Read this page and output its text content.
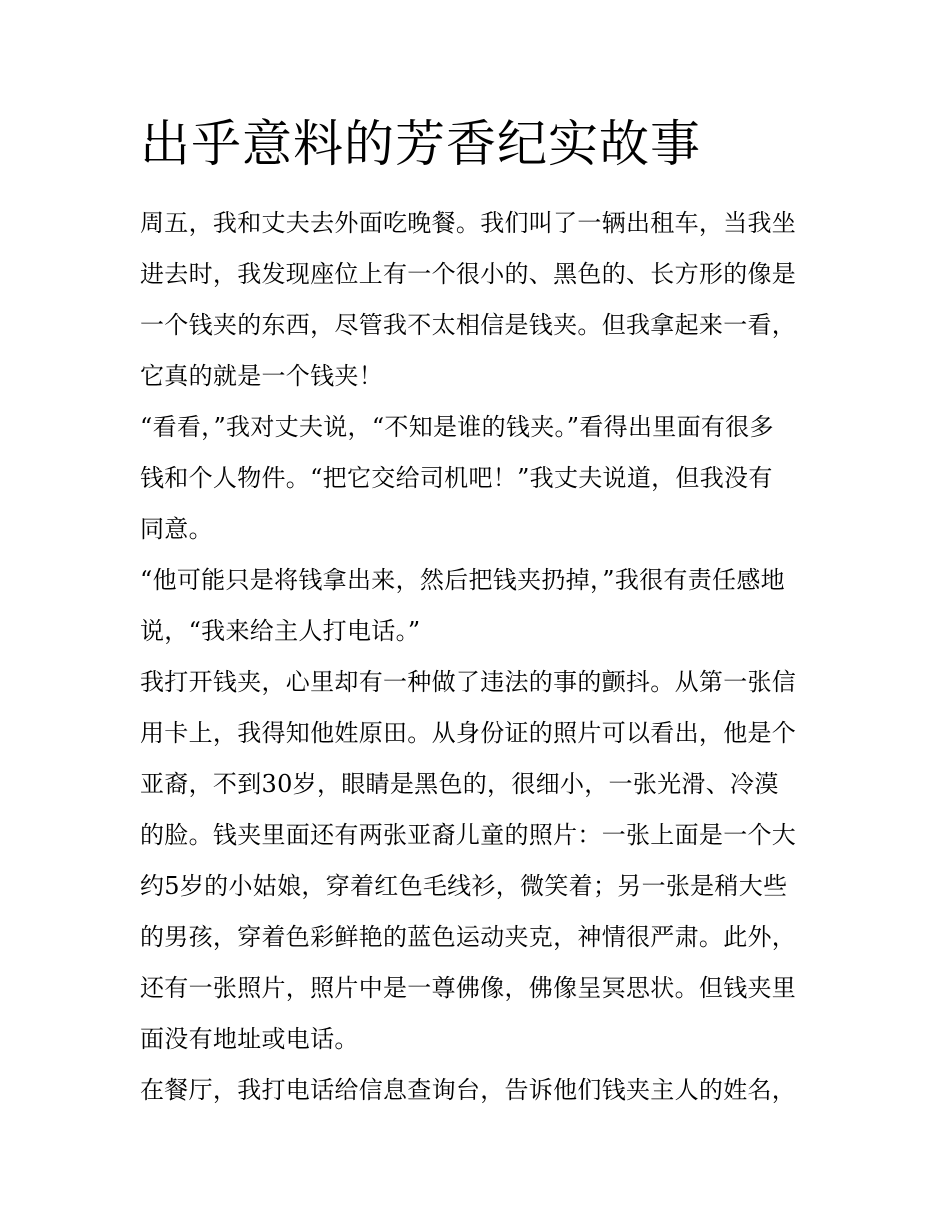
出乎意料的芳香纪实故事

周五，我和丈夫去外面吃晚餐。我们叫了一辆出租车，当我坐
进去时，我发现座位上有一个很小的、黑色的、长方形的像是
一个钱夹的东西，尽管我不太相信是钱夹。但我拿起来一看，
它真的就是一个钱夹！

“看看，”我对丈夫说，“不知是谁的钱夹。”看得出里面有很多
钱和个人物件。“把它交给司机吧！”我丈夫说道，但我没有
同意。

“他可能只是将钱拿出来，然后把钱夹扔掉，”我很有责任感地
说，“我来给主人打电话。”

我打开钱夹，心里却有一种做了违法的事的颤抖。从第一张信
用卡上，我得知他姓原田。从身份证的照片可以看出，他是个
亚裔，不到30岁，眼睛是黑色的，很细小，一张光滑、冷漠
的脸。钱夹里面还有两张亚裔儿童的照片：一张上面是一个大
约5岁的小姑娘，穿着红色毛线衫，微笑着；另一张是稍大些
的男孩，穿着色彩鲜艳的蓝色运动夹克，神情很严肃。此外，
还有一张照片，照片中是一尊佛像，佛像呈冥思状。但钱夹里
面没有地址或电话。

在餐厅，我打电话给信息查询台，告诉他们钱夹主人的姓名，
